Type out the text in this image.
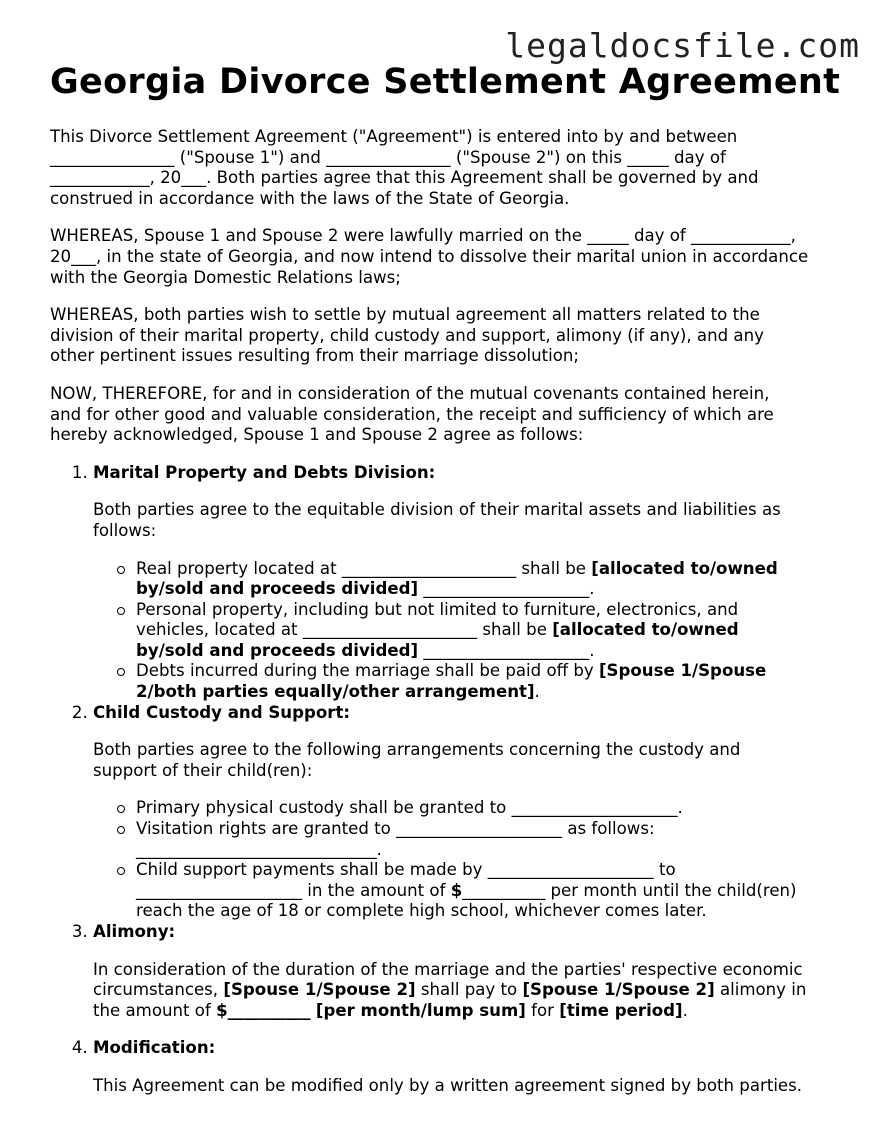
legaldocsfile.com
Georgia Divorce Settlement Agreement

This Divorce Settlement Agreement ("Agreement") is entered into by and between
_______________ ("Spouse 1") and _______________ ("Spouse 2") on this _____ day of
____________, 20___. Both parties agree that this Agreement shall be governed by and
construed in accordance with the laws of the State of Georgia.

WHEREAS, Spouse 1 and Spouse 2 were lawfully married on the _____ day of ____________,
20___, in the state of Georgia, and now intend to dissolve their marital union in accordance
with the Georgia Domestic Relations laws;

WHEREAS, both parties wish to settle by mutual agreement all matters related to the
division of their marital property, child custody and support, alimony (if any), and any
other pertinent issues resulting from their marriage dissolution;

NOW, THEREFORE, for and in consideration of the mutual covenants contained herein,
and for other good and valuable consideration, the receipt and sufficiency of which are
hereby acknowledged, Spouse 1 and Spouse 2 agree as follows:

1. Marital Property and Debts Division:

Both parties agree to the equitable division of their marital assets and liabilities as
follows:

Real property located at _____________________ shall be [allocated to/owned
by/sold and proceeds divided] ____________________.
Personal property, including but not limited to furniture, electronics, and
vehicles, located at _____________________ shall be [allocated to/owned
by/sold and proceeds divided] ____________________.
Debts incurred during the marriage shall be paid off by [Spouse 1/Spouse
2/both parties equally/other arrangement].
2. Child Custody and Support:

Both parties agree to the following arrangements concerning the custody and
support of their child(ren):

Primary physical custody shall be granted to ____________________.
Visitation rights are granted to ____________________ as follows:
_____________________________.
Child support payments shall be made by ____________________ to
____________________ in the amount of $__________ per month until the child(ren)
reach the age of 18 or complete high school, whichever comes later.
3. Alimony:

In consideration of the duration of the marriage and the parties' respective economic
circumstances, [Spouse 1/Spouse 2] shall pay to [Spouse 1/Spouse 2] alimony in
the amount of $__________ [per month/lump sum] for [time period].

4. Modification:

This Agreement can be modified only by a written agreement signed by both parties.
